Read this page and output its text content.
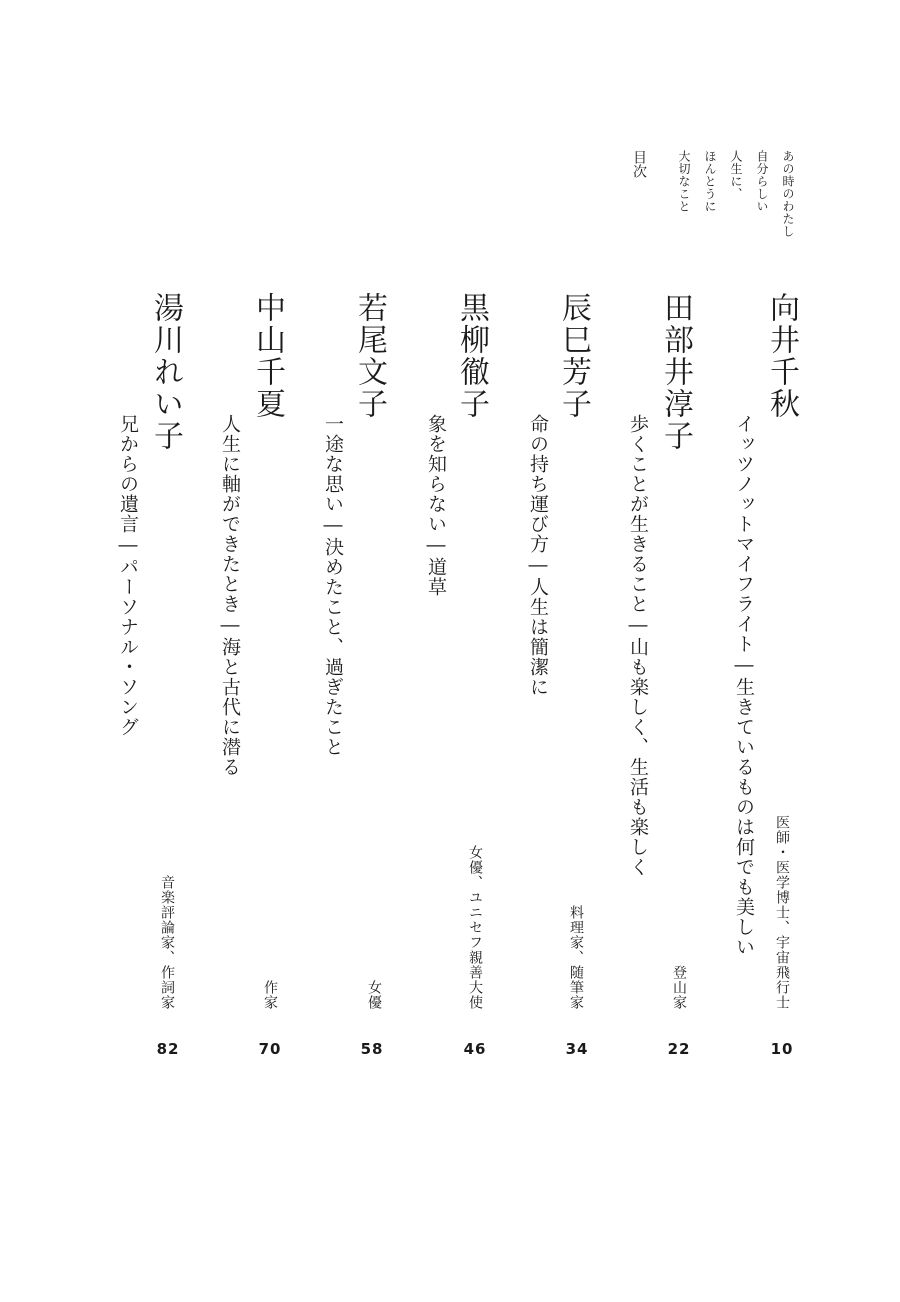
あの時のわたし
自分らしい
人生に、
ほんとうに
大切なこと
目次
向井千秋
イッツノットマイフライト―生きているものは何でも美しい 医師・医学博士、宇宙飛行士
10
田部井淳子
歩くことが生きること―山も楽しく、生活も楽しく
登山家
22
辰巳芳子
命の持ち運び方―人生は簡潔に
料理家、随筆家
34
黒柳徹子
象を知らない―道草
女優、ユニセフ親善大使
46
若尾文子
一途な思い―決めたこと、過ぎたこと
女優
58
中山千夏
人生に軸ができたとき―海と古代に潜る
作家
70
湯川れい子
兄からの遺言―パーソナル・ソング
音楽評論家、作詞家
82
